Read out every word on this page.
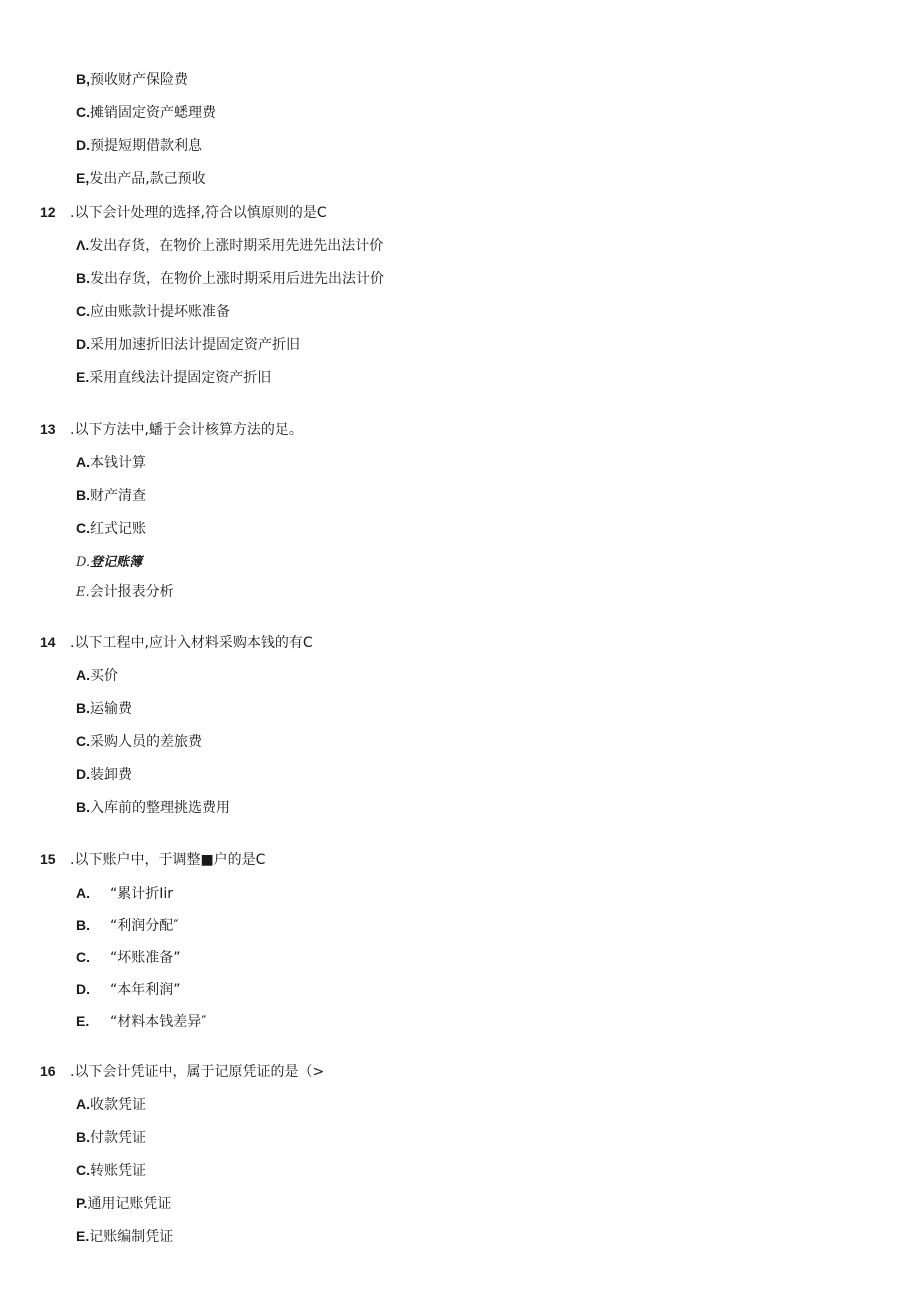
B,预收财产保险费
C.摊销固定资产蟋理费
D.预提短期借款利息
E,发出产品,款己预收
12 .以下会计处理的选择,符合以慎原则的是C
Λ.发出存货，在物价上涨时期采用先进先出法计价
B.发出存货，在物价上涨时期采用后进先出法计价
C.应由账款计提坏账准备
D.采用加速折旧法计提固定资产折旧
E.采用直线法计提固定资产折旧
13 .以下方法中,蟠于会计核算方法的足。
A.本钱计算
B.财产清查
C.红式记账
D.登记账簿
E.会计报表分析
14 .以下工程中,应计入材料采购本钱的有C
A.买价
B.运输费
C.采购人员的差旅费
D.装卸费
B.入库前的整理挑选费用
15 .以下账户中，于调整■户的是C
A. “累计折Iir
B. “利润分配″
C. “坏账准备”
D. “本年利润”
E. “材料本钱差异″
16 .以下会计凭证中，属于记原凭证的是（>
A.收款凭证
B.付款凭证
C.转账凭证
P.通用记账凭证
E.记账编制凭证
